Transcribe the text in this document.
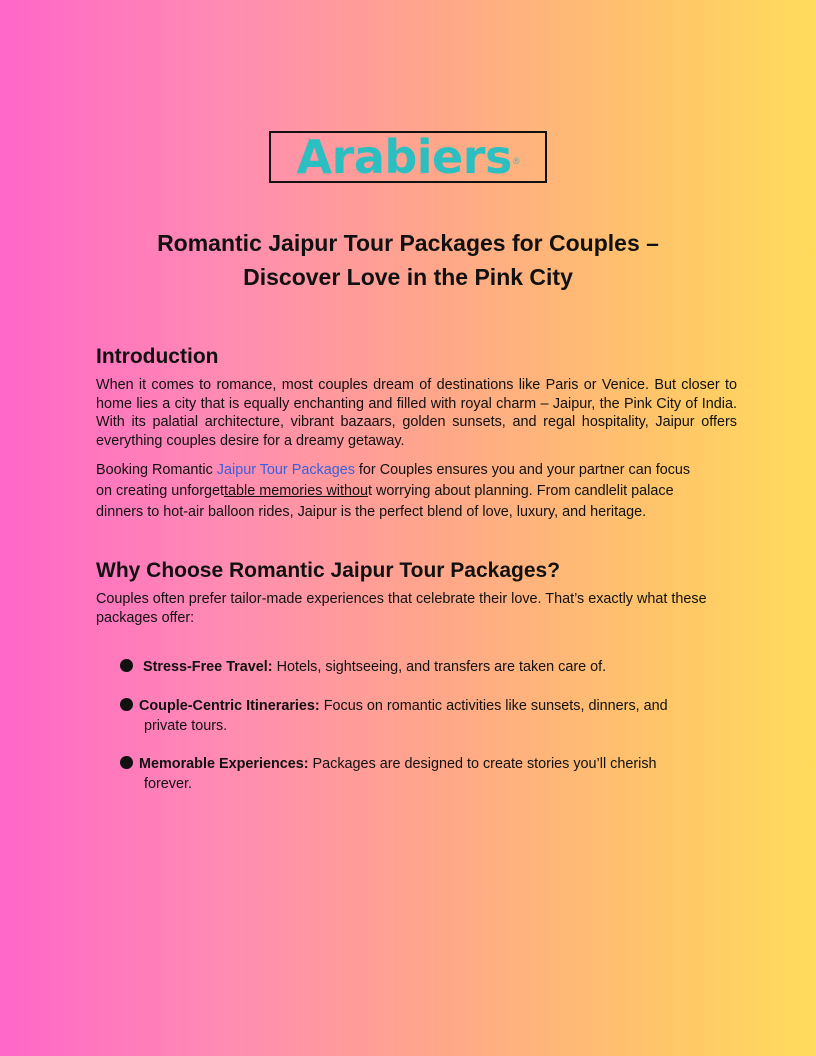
Arabiers ®
Romantic Jaipur Tour Packages for Couples –
Discover Love in the Pink City
Introduction

When it comes to romance, most couples dream of destinations like Paris or Venice. But closer to home lies a city that is equally enchanting and filled with royal charm – Jaipur, the Pink City of India. With its palatial architecture, vibrant bazaars, golden sunsets, and regal hospitality, Jaipur offers everything couples desire for a dreamy getaway.

Booking Romantic Jaipur Tour Packages for Couples ensures you and your partner can focus
on creating unforgettable memories without worrying about planning. From candlelit palace
dinners to hot-air balloon rides, Jaipur is the perfect blend of love, luxury, and heritage.

Why Choose Romantic Jaipur Tour Packages?

Couples often prefer tailor-made experiences that celebrate their love. That’s exactly what these packages offer:

Stress-Free Travel: Hotels, sightseeing, and transfers are taken care of.
Couple-Centric Itineraries: Focus on romantic activities like sunsets, dinners, and
private tours.
Memorable Experiences: Packages are designed to create stories you’ll cherish
forever.
